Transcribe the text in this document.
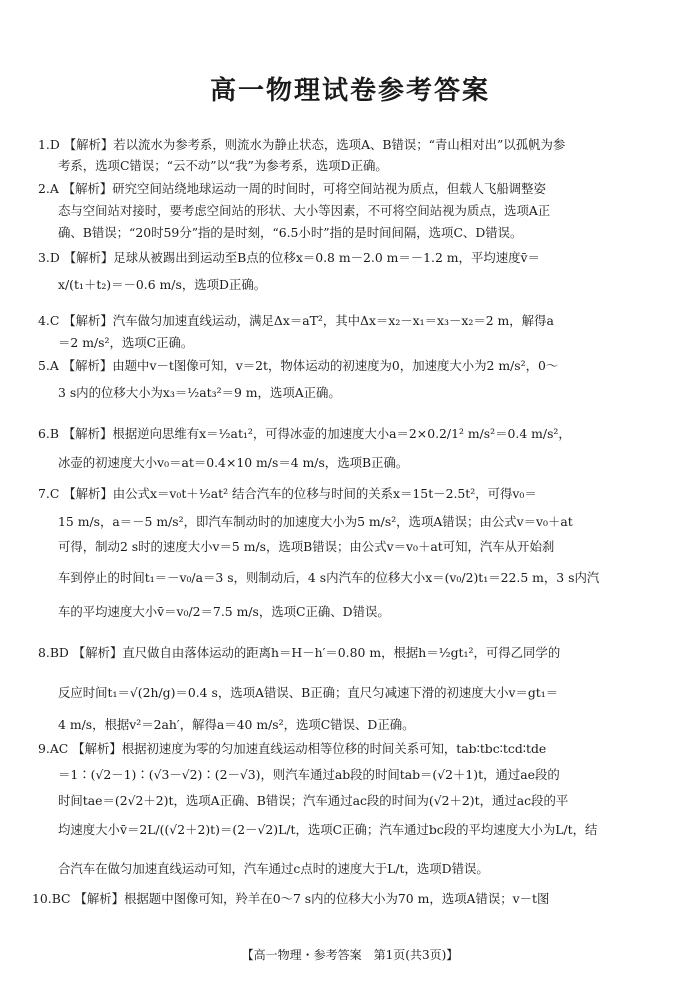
高一物理试卷参考答案
1.D 【解析】若以流水为参考系，则流水为静止状态，选项A、B错误；“青山相对出”以孤帆为参
考系，选项C错误；“云不动”以“我”为参考系，选项D正确。
2.A 【解析】研究空间站绕地球运动一周的时间时，可将空间站视为质点，但载人飞船调整姿
态与空间站对接时，要考虑空间站的形状、大小等因素，不可将空间站视为质点，选项A正
确、B错误；“20时59分”指的是时刻，“6.5小时”指的是时间间隔，选项C、D错误。
3.D 【解析】足球从被踢出到运动至B点的位移x＝0.8 m－2.0 m＝－1.2 m，平均速度v̄＝
x/(t₁＋t₂)＝－0.6 m/s，选项D正确。
4.C 【解析】汽车做匀加速直线运动，满足Δx＝aT²，其中Δx＝x₂－x₁＝x₃－x₂＝2 m，解得a
＝2 m/s²，选项C正确。
5.A 【解析】由题中v－t图像可知，v＝2t，物体运动的初速度为0，加速度大小为2 m/s²，0～
3 s内的位移大小为x₃＝½at₃²＝9 m，选项A正确。
6.B 【解析】根据逆向思维有x＝½at₁²，可得冰壶的加速度大小a＝2×0.2/1² m/s²＝0.4 m/s²，
冰壶的初速度大小v₀＝at＝0.4×10 m/s＝4 m/s，选项B正确。
7.C 【解析】由公式x＝v₀t＋½at² 结合汽车的位移与时间的关系x＝15t－2.5t²，可得v₀＝
15 m/s，a＝－5 m/s²，即汽车制动时的加速度大小为5 m/s²，选项A错误；由公式v＝v₀＋at
可得，制动2 s时的速度大小v＝5 m/s，选项B错误；由公式v＝v₀＋at可知，汽车从开始刹
车到停止的时间t₁＝－v₀/a＝3 s，则制动后，4 s内汽车的位移大小x＝(v₀/2)t₁＝22.5 m，3 s内汽
车的平均速度大小v̄＝v₀/2＝7.5 m/s，选项C正确、D错误。
8.BD 【解析】直尺做自由落体运动的距离h＝H－h′＝0.80 m，根据h＝½gt₁²，可得乙同学的
反应时间t₁＝√(2h/g)＝0.4 s，选项A错误、B正确；直尺匀减速下滑的初速度大小v＝gt₁＝
4 m/s，根据v²＝2ah′，解得a＝40 m/s²，选项C错误、D正确。
9.AC 【解析】根据初速度为零的匀加速直线运动相等位移的时间关系可知，tab∶tbc∶tcd∶tde
＝1∶(√2－1)∶(√3－√2)∶(2－√3)，则汽车通过ab段的时间tab＝(√2＋1)t，通过ae段的
时间tae＝(2√2＋2)t，选项A正确、B错误；汽车通过ac段的时间为(√2＋2)t，通过ac段的平
均速度大小v̄＝2L/((√2＋2)t)＝(2－√2)L/t，选项C正确；汽车通过bc段的平均速度大小为L/t，结
合汽车在做匀加速直线运动可知，汽车通过c点时的速度大于L/t，选项D错误。
10.BC 【解析】根据题中图像可知，羚羊在0～7 s内的位移大小为70 m，选项A错误；v－t图
【高一物理・参考答案　第1页(共3页)】
